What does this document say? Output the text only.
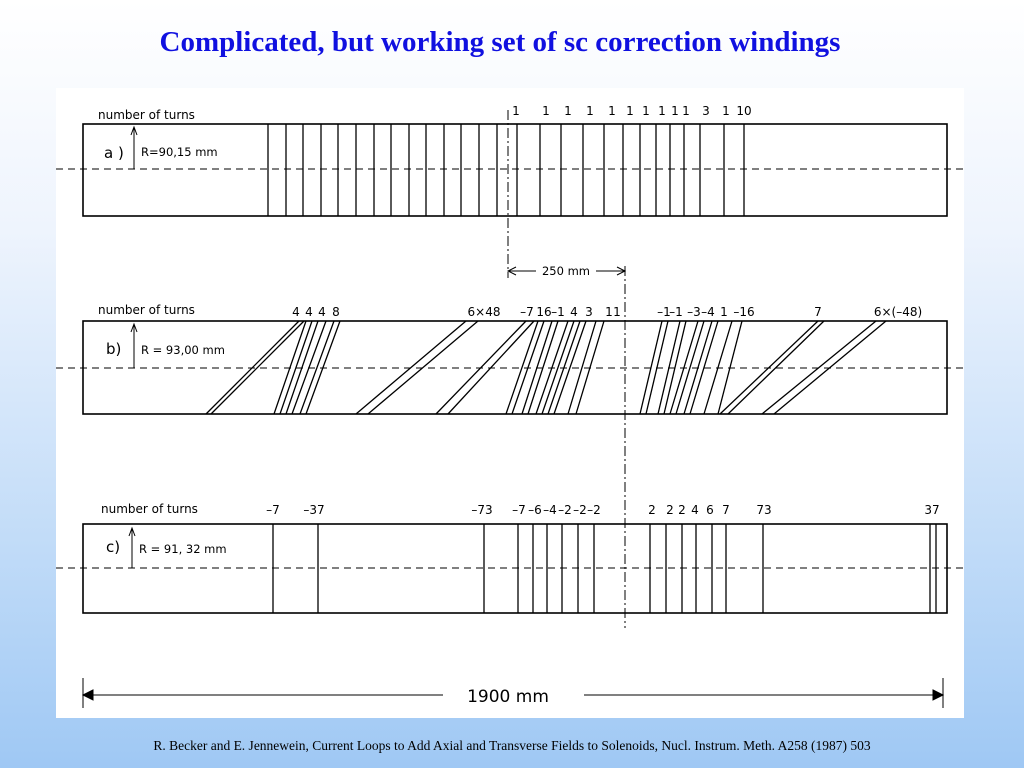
Complicated, but working set of sc correction windings
number of turns
a ) R=90,15 mm
1 1 1 1 1 1 1 1 1 1 3 1 10
250 mm
number of turns
b) R = 93,00 mm
4 4 4 8	6×48 –7 16 –1 4 3 1 1	–1
–1 –3 –4 1 –16	7	6×(–48)
number of turns
c) R = 91, 32 mm
–7 –37	–73 –7 –6 –4 –2 –2 –2	2 2 2 4 6 7 73	37
1900 mm
R. Becker and E. Jennewein, Current Loops to Add Axial and Transverse Fields to Solenoids, Nucl. Instrum. Meth. A258 (1987) 503
